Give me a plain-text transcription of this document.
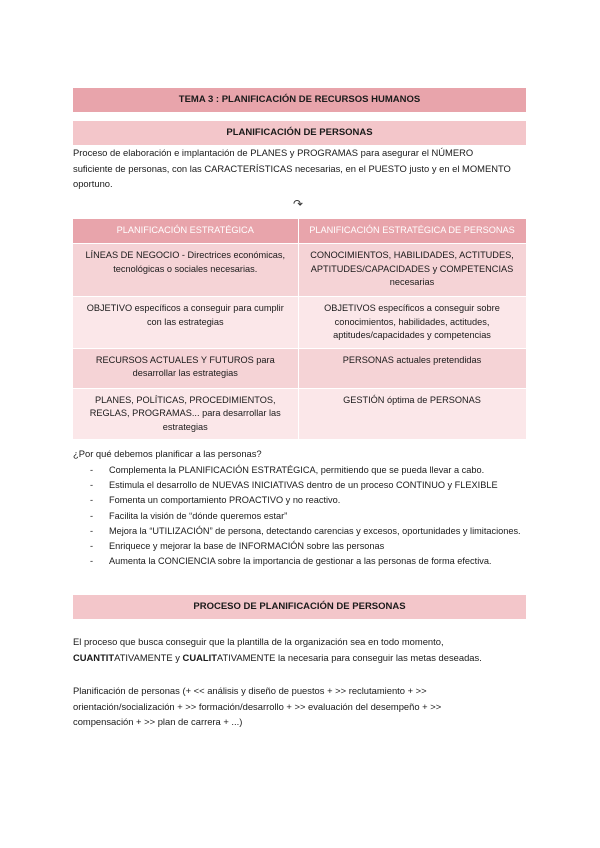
TEMA 3 : PLANIFICACIÓN DE RECURSOS HUMANOS
PLANIFICACIÓN DE PERSONAS
Proceso de elaboración e implantación de PLANES y PROGRAMAS para asegurar el NÚMERO
suficiente de personas, con las CARACTERÍSTICAS necesarias, en el PUESTO justo y en el MOMENTO
oportuno.
↷
PLANIFICACIÓN ESTRATÉGICA	PLANIFICACIÓN ESTRATÉGICA DE PERSONAS
LÍNEAS DE NEGOCIO - Directrices económicas, tecnológicas o sociales necesarias.	CONOCIMIENTOS, HABILIDADES, ACTITUDES, APTITUDES/CAPACIDADES y COMPETENCIAS necesarias
OBJETIVO específicos a conseguir para cumplir con las estrategias	OBJETIVOS específicos a conseguir sobre conocimientos, habilidades, actitudes, aptitudes/capacidades y competencias
RECURSOS ACTUALES Y FUTUROS para desarrollar las estrategias	PERSONAS actuales pretendidas
PLANES, POLÍTICAS, PROCEDIMIENTOS, REGLAS, PROGRAMAS... para desarrollar las estrategias	GESTIÓN óptima de PERSONAS
¿Por qué debemos planificar a las personas?
- Complementa la PLANIFICACIÓN ESTRATÉGICA, permitiendo que se pueda llevar a cabo.
- Estimula el desarrollo de NUEVAS INICIATIVAS dentro de un proceso CONTINUO y FLEXIBLE
- Fomenta un comportamiento PROACTIVO y no reactivo.
- Facilita la visión de “dónde queremos estar”
- Mejora la “UTILIZACIÓN” de persona, detectando carencias y excesos, oportunidades y limitaciones.
- Enriquece y mejorar la base de INFORMACIÓN sobre las personas
- Aumenta la CONCIENCIA sobre la importancia de gestionar a las personas de forma efectiva.
PROCESO DE PLANIFICACIÓN DE PERSONAS
El proceso que busca conseguir que la plantilla de la organización sea en todo momento,
CUANTITATIVAMENTE y CUALITATIVAMENTE la necesaria para conseguir las metas deseadas.
Planificación de personas (+ << análisis y diseño de puestos + >> reclutamiento + >>
orientación/socialización + >> formación/desarrollo + >> evaluación del desempeño + >>
compensación + >> plan de carrera + ...)
